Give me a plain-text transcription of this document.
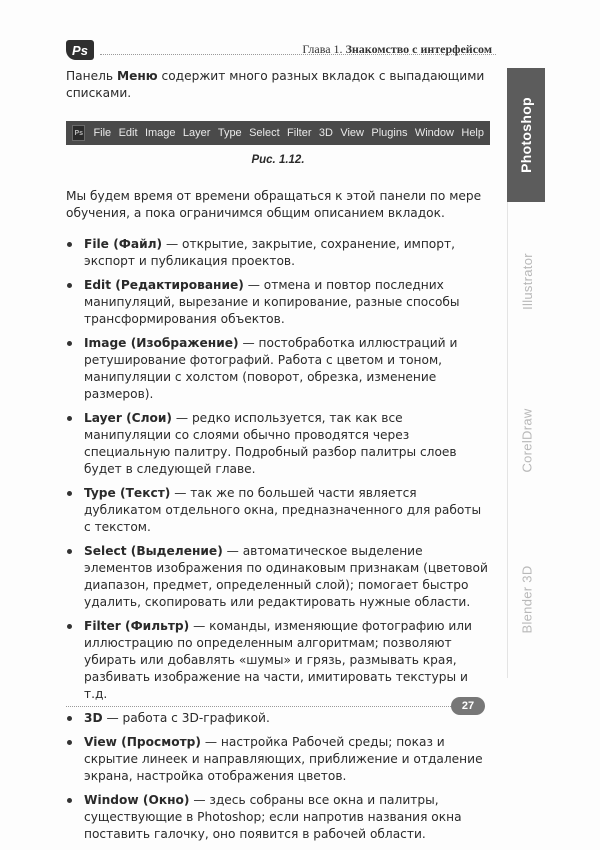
Ps	Глава 1. Знакомство с интерфейсом
Photoshop
Illustrator
CorelDraw
Blender 3D

Панель Меню содержит много разных вкладок с выпадающими списками.

Ps File Edit Image Layer Type Select Filter 3D View Plugins Window Help

Рис. 1.12.

Мы будем время от времени обращаться к этой панели по мере обучения, а пока ограничимся общим описанием вкладок.

File (Файл) — открытие, закрытие, сохранение, импорт, экспорт и публикация проектов.
Edit (Редактирование) — отмена и повтор последних манипуляций, вырезание и копирование, разные способы трансформирования объектов.
Image (Изображение) — постобработка иллюстраций и ретуширование фотографий. Работа с цветом и тоном, манипуляции с холстом (поворот, обрезка, изменение размеров).
Layer (Слои) — редко используется, так как все манипуляции со слоями обычно проводятся через специальную палитру. Подробный разбор палитры слоев будет в следующей главе.
Type (Текст) — так же по большей части является дубликатом отдельного окна, предназначенного для работы с текстом.
Select (Выделение) — автоматическое выделение элементов изображения по одинаковым признакам (цветовой диапазон, предмет, определенный слой); помогает быстро удалить, скопировать или редактировать нужные области.
Filter (Фильтр) — команды, изменяющие фотографию или иллюстрацию по определенным алгоритмам; позволяют убирать или добавлять «шумы» и грязь, размывать края, разбивать изображение на части, имитировать текстуры и т.д.
3D — работа с 3D-графикой.
View (Просмотр) — настройка Рабочей среды; показ и скрытие линеек и направляющих, приближение и отдаление экрана, настройка отображения цветов.
Window (Окно) — здесь собраны все окна и палитры, существующие в Photoshop; если напротив названия окна поставить галочку, оно появится в рабочей области.
27
